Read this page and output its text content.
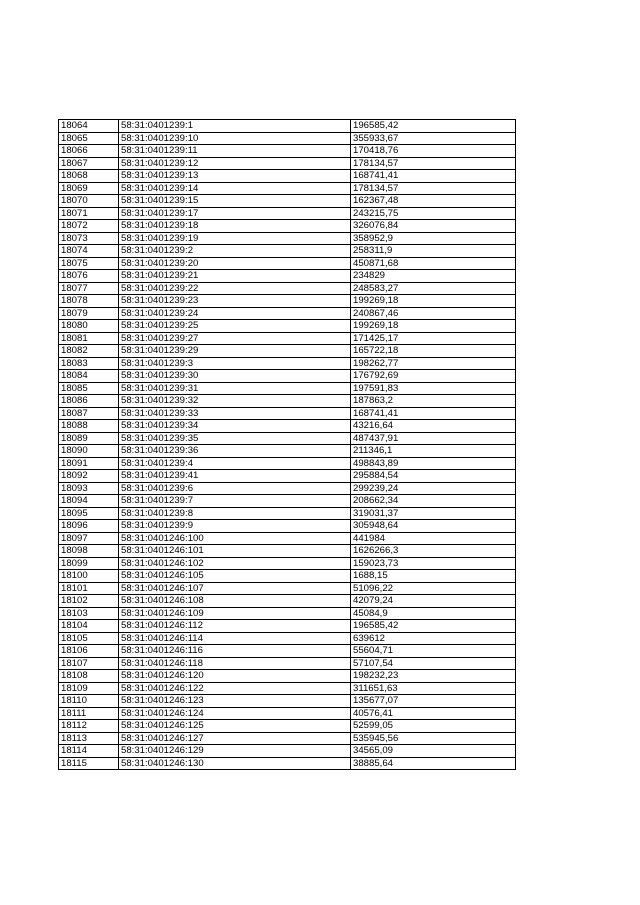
18064	58:31:0401239:1	196585,42
18065	58:31:0401239:10	355933,67
18066	58:31:0401239:11	170418,76
18067	58:31:0401239:12	178134,57
18068	58:31:0401239:13	168741,41
18069	58:31:0401239:14	178134,57
18070	58:31:0401239:15	162367,48
18071	58:31:0401239:17	243215,75
18072	58:31:0401239:18	326076,84
18073	58:31:0401239:19	358952,9
18074	58:31:0401239:2	258311,9
18075	58:31:0401239:20	450871,68
18076	58:31:0401239:21	234829
18077	58:31:0401239:22	248583,27
18078	58:31:0401239:23	199269,18
18079	58:31:0401239:24	240867,46
18080	58:31:0401239:25	199269,18
18081	58:31:0401239:27	171425,17
18082	58:31:0401239:29	165722,18
18083	58:31:0401239:3	198262,77
18084	58:31:0401239:30	176792,69
18085	58:31:0401239:31	197591,83
18086	58:31:0401239:32	187863,2
18087	58:31:0401239:33	168741,41
18088	58:31:0401239:34	43216,64
18089	58:31:0401239:35	487437,91
18090	58:31:0401239:36	211346,1
18091	58:31:0401239:4	498843,89
18092	58:31:0401239:41	295884,54
18093	58:31:0401239:6	299239,24
18094	58:31:0401239:7	208662,34
18095	58:31:0401239:8	319031,37
18096	58:31:0401239:9	305948,64
18097	58:31:0401246:100	441984
18098	58:31:0401246:101	1626266,3
18099	58:31:0401246:102	159023,73
18100	58:31:0401246:105	1688,15
18101	58:31:0401246:107	51096,22
18102	58:31:0401246:108	42079,24
18103	58:31:0401246:109	45084,9
18104	58:31:0401246:112	196585,42
18105	58:31:0401246:114	639612
18106	58:31:0401246:116	55604,71
18107	58:31:0401246:118	57107,54
18108	58:31:0401246:120	198232,23
18109	58:31:0401246:122	311651,63
18110	58:31:0401246:123	135677,07
18111	58:31:0401246:124	40576,41
18112	58:31:0401246:125	52599,05
18113	58:31:0401246:127	535945,56
18114	58:31:0401246:129	34565,09
18115	58:31:0401246:130	38885,64
